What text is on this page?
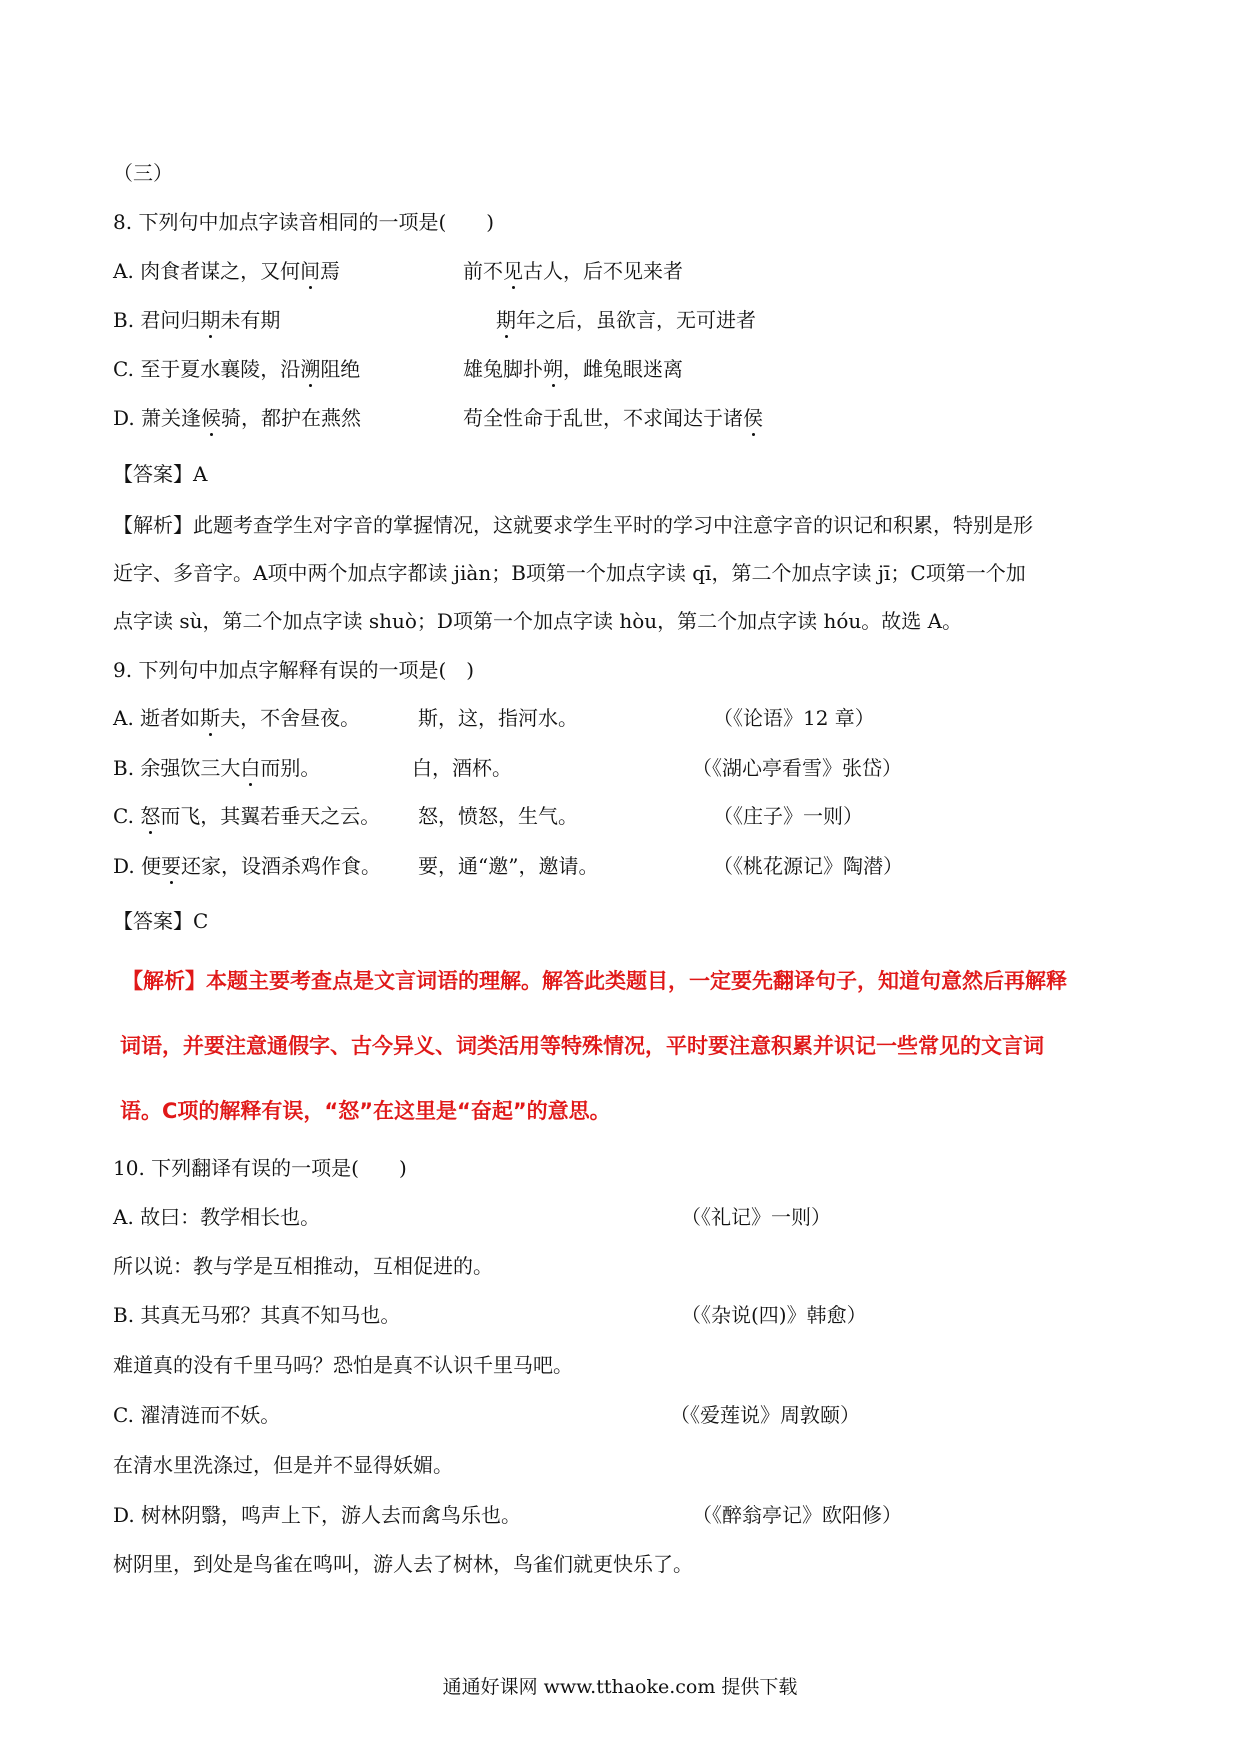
（三）
8. 下列句中加点字读音相同的一项是(　　)
A. 肉食者谋之，又何间焉	前不见古人，后不见来者
B. 君问归期未有期	期年之后，虽欲言，无可进者
C. 至于夏水襄陵，沿溯阻绝	雄兔脚扑朔，雌兔眼迷离
D. 萧关逢候骑，都护在燕然	苟全性命于乱世，不求闻达于诸侯
【答案】A
【解析】此题考查学生对字音的掌握情况，这就要求学生平时的学习中注意字音的识记和积累，特别是形
近字、多音字。A项中两个加点字都读 jiàn；B项第一个加点字读 qī，第二个加点字读 jī；C项第一个加
点字读 sù，第二个加点字读 shuò；D项第一个加点字读 hòu，第二个加点字读 hóu。故选 A。
9. 下列句中加点字解释有误的一项是(　)
A. 逝者如斯夫，不舍昼夜。	斯，这，指河水。	（《论语》12 章）
B. 余强饮三大白而别。	白，酒杯。	（《湖心亭看雪》张岱）
C. 怒而飞，其翼若垂天之云。 怒，愤怒，生气。	（《庄子》一则）
D. 便要还家，设酒杀鸡作食。 要，通“邀”，邀请。	（《桃花源记》陶潜）
【答案】C
【解析】本题主要考查点是文言词语的理解。解答此类题目，一定要先翻译句子，知道句意然后再解释
词语，并要注意通假字、古今异义、词类活用等特殊情况，平时要注意积累并识记一些常见的文言词
语。C项的解释有误，“怒”在这里是“奋起”的意思。
10. 下列翻译有误的一项是(　　)
A. 故曰：教学相长也。	（《礼记》一则）
所以说：教与学是互相推动，互相促进的。
B. 其真无马邪？其真不知马也。	（《杂说(四)》韩愈）
难道真的没有千里马吗？恐怕是真不认识千里马吧。
C. 濯清涟而不妖。	（《爱莲说》周敦颐）
在清水里洗涤过，但是并不显得妖媚。
D. 树林阴翳，鸣声上下，游人去而禽鸟乐也。	（《醉翁亭记》欧阳修）
树阴里，到处是鸟雀在鸣叫，游人去了树林，鸟雀们就更快乐了。
通通好课网 www.tthaoke.com 提供下载
